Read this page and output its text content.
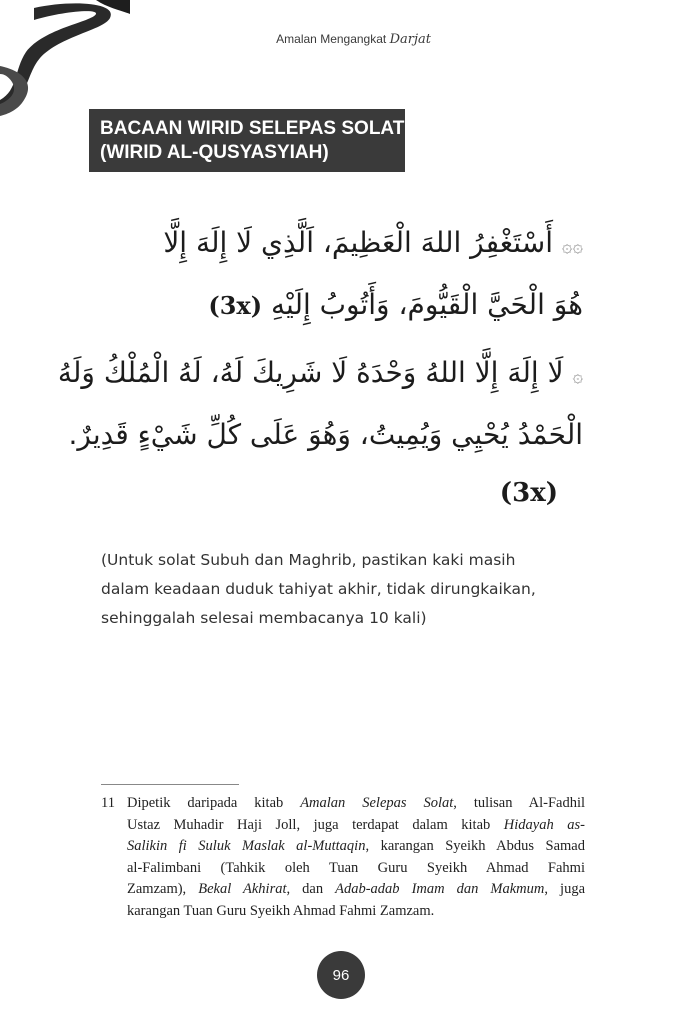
Amalan Mengangkat Darjat
BACAAN WIRID SELEPAS SOLAT
(WIRID AL-QUSYASYIAH)
۞۞ أَسْتَغْفِرُ اللهَ الْعَظِيمَ، اَلَّذِي لَا إِلَهَ إِلَّا
هُوَ الْحَيَّ الْقَيُّومَ، وَأَتُوبُ إِلَيْهِ (3x)
۞ لَا إِلَهَ إِلَّا اللهُ وَحْدَهُ لَا شَرِيكَ لَهُ، لَهُ الْمُلْكُ وَلَهُ
الْحَمْدُ يُحْيِي وَيُمِيتُ، وَهُوَ عَلَى كُلِّ شَيْءٍ قَدِيرٌ.
(3x)
(Untuk solat Subuh dan Maghrib, pastikan kaki masih
dalam keadaan duduk tahiyat akhir, tidak dirungkaikan,
sehinggalah selesai membacanya 10 kali)
11 Dipetik daripada kitab Amalan Selepas Solat, tulisan Al-Fadhil
Ustaz Muhadir Haji Joll, juga terdapat dalam kitab Hidayah as-
Salikin fi Suluk Maslak al-Muttaqin, karangan Syeikh Abdus Samad
al-Falimbani (Tahkik oleh Tuan Guru Syeikh Ahmad Fahmi
Zamzam), Bekal Akhirat, dan Adab-adab Imam dan Makmum, juga
karangan Tuan Guru Syeikh Ahmad Fahmi Zamzam.
96
